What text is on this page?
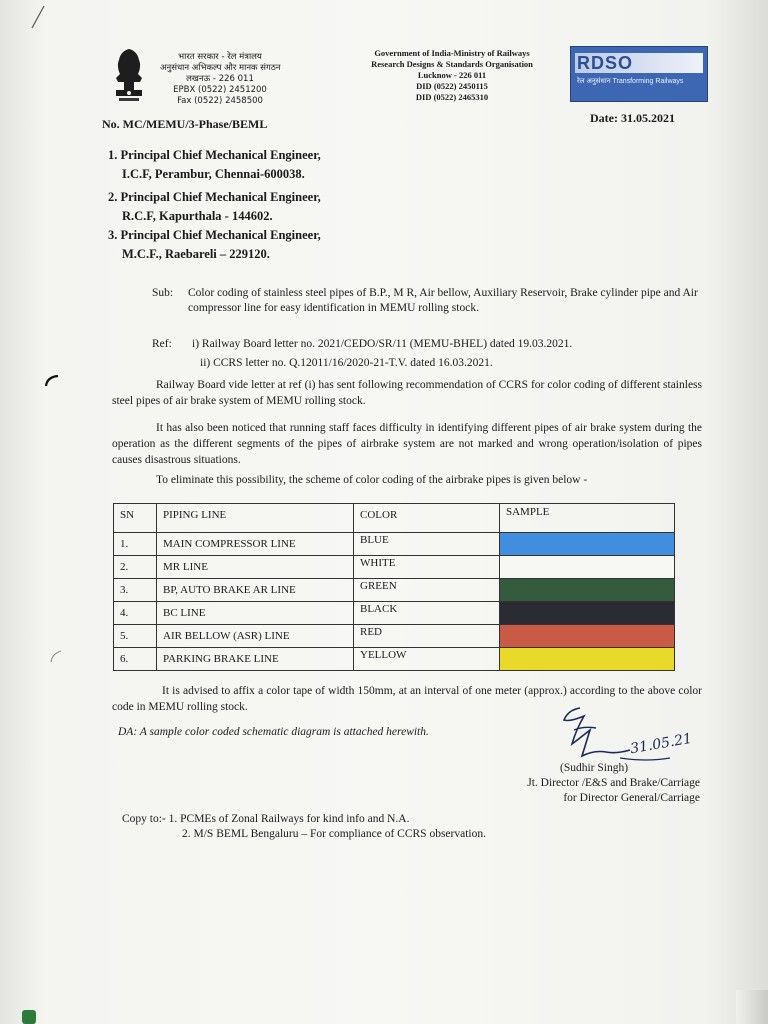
भारत सरकार - रेल मंत्रालय
अनुसंधान अभिकल्प और मानक संगठन
लखनऊ - 226 011
EPBX (0522) 2451200
Fax (0522) 2458500
Government of India-Ministry of Railways
Research Designs & Standards Organisation
Lucknow - 226 011
DID (0522) 2450115
DID (0522) 2465310
RDSO
रेल अनुसंधान Transforming Railways
No. MC/MEMU/3-Phase/BEML	Date: 31.05.2021
1. Principal Chief Mechanical Engineer,
I.C.F, Perambur, Chennai-600038.
2. Principal Chief Mechanical Engineer,
R.C.F, Kapurthala - 144602.
3. Principal Chief Mechanical Engineer,
M.C.F., Raebareli – 229120.
Sub: Color coding of stainless steel pipes of B.P., M R, Air bellow, Auxiliary Reservoir, Brake cylinder pipe and Air compressor line for easy identification in MEMU rolling stock.
Ref: i) Railway Board letter no. 2021/CEDO/SR/11 (MEMU-BHEL) dated 19.03.2021.
ii) CCRS letter no. Q.12011/16/2020-21-T.V. dated 16.03.2021.
Railway Board vide letter at ref (i) has sent following recommendation of CCRS for color coding of different stainless steel pipes of air brake system of MEMU rolling stock.
It has also been noticed that running staff faces difficulty in identifying different pipes of air brake system during the operation as the different segments of the pipes of airbrake system are not marked and wrong operation/isolation of pipes causes disastrous situations.
To eliminate this possibility, the scheme of color coding of the airbrake pipes is given below -
SN	PIPING LINE	COLOR	SAMPLE
1.	MAIN COMPRESSOR LINE	BLUE	
2.	MR LINE	WHITE	
3.	BP, AUTO BRAKE AR LINE	GREEN	
4.	BC LINE	BLACK	
5.	AIR BELLOW (ASR) LINE	RED	
6.	PARKING BRAKE LINE	YELLOW	
It is advised to affix a color tape of width 150mm, at an interval of one meter (approx.) according to the above color code in MEMU rolling stock.
DA: A sample color coded schematic diagram is attached herewith.	31.05.21
(Sudhir Singh)
Jt. Director /E&S and Brake/Carriage
for Director General/Carriage
Copy to:- 1. PCMEs of Zonal Railways for kind info and N.A.
2. M/S BEML Bengaluru – For compliance of CCRS observation.
